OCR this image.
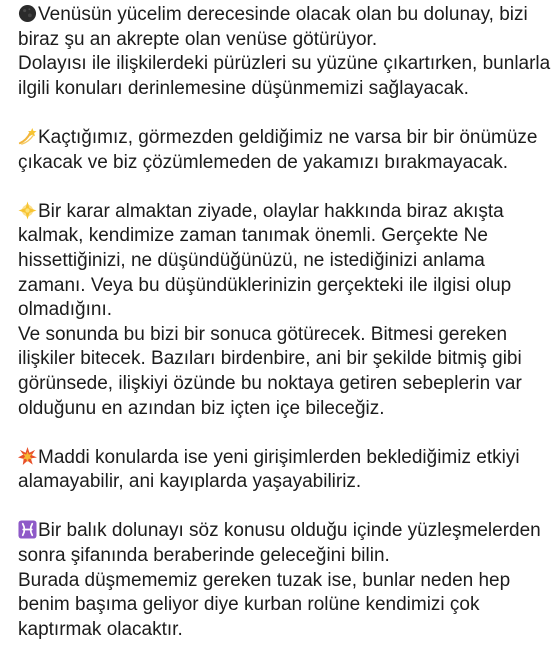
Venüsün yücelim derecesinde olacak olan bu dolunay, bizi
biraz şu an akrepte olan venüse götürüyor.
Dolayısı ile ilişkilerdeki pürüzleri su yüzüne çıkartırken, bunlarla
ilgili konuları derinlemesine düşünmemizi sağlayacak.
Kaçtığımız, görmezden geldiğimiz ne varsa bir bir önümüze
çıkacak ve biz çözümlemeden de yakamızı bırakmayacak.
Bir karar almaktan ziyade, olaylar hakkında biraz akışta
kalmak, kendimize zaman tanımak önemli. Gerçekte Ne
hissettiğinizi, ne düşündüğünüzü, ne istediğinizi anlama
zamanı. Veya bu düşündüklerinizin gerçekteki ile ilgisi olup
olmadığını.
Ve sonunda bu bizi bir sonuca götürecek. Bitmesi gereken
ilişkiler bitecek. Bazıları birdenbire, ani bir şekilde bitmiş gibi
görünsede, ilişkiyi özünde bu noktaya getiren sebeplerin var
olduğunu en azından biz içten içe bileceğiz.
Maddi konularda ise yeni girişimlerden beklediğimiz etkiyi
alamayabilir, ani kayıplarda yaşayabiliriz.
Bir balık dolunayı söz konusu olduğu içinde yüzleşmelerden
sonra şifanında beraberinde geleceğini bilin.
Burada düşmememiz gereken tuzak ise, bunlar neden hep
benim başıma geliyor diye kurban rolüne kendimizi çok
kaptırmak olacaktır.
